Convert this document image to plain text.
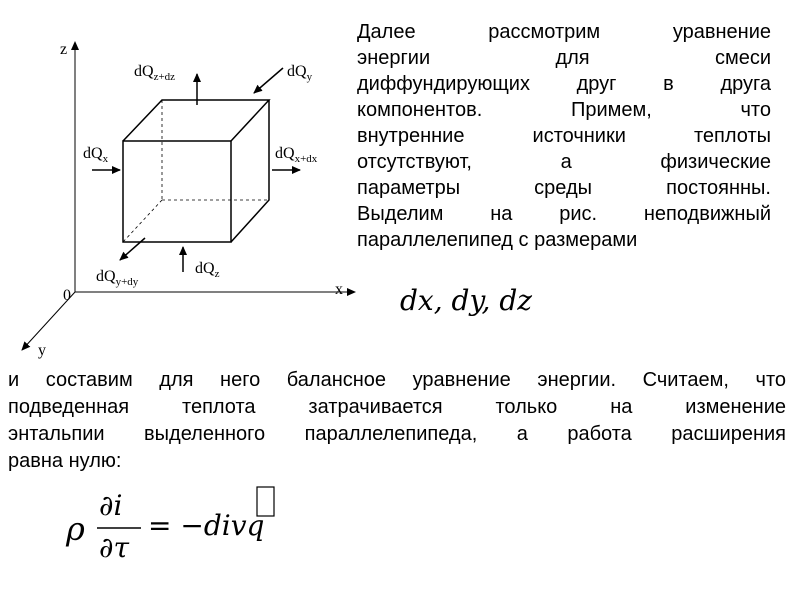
z
x
y
0
$dQ_{z+dz}$	$dQ_y$
$dQ_x$	$dQ_{x+dx}$
$dQ_{y+dy}$
$dQ_z$
Далее рассмотрим уравнение
энергии для смеси
диффундирующих друг в друга
компонентов. Примем, что
внутренние источники теплоты
отсутствуют, а физические
параметры среды постоянны.
Выделим на рис. неподвижный
параллелепипед с размерами
dx, dy, dz
и составим для него балансное уравнение энергии. Считаем, что
подведенная теплота затрачивается только на изменение
энтальпии выделенного параллелепипеда, а работа расширения
равна нулю:
ρ
∂i
∂τ
= −divq
